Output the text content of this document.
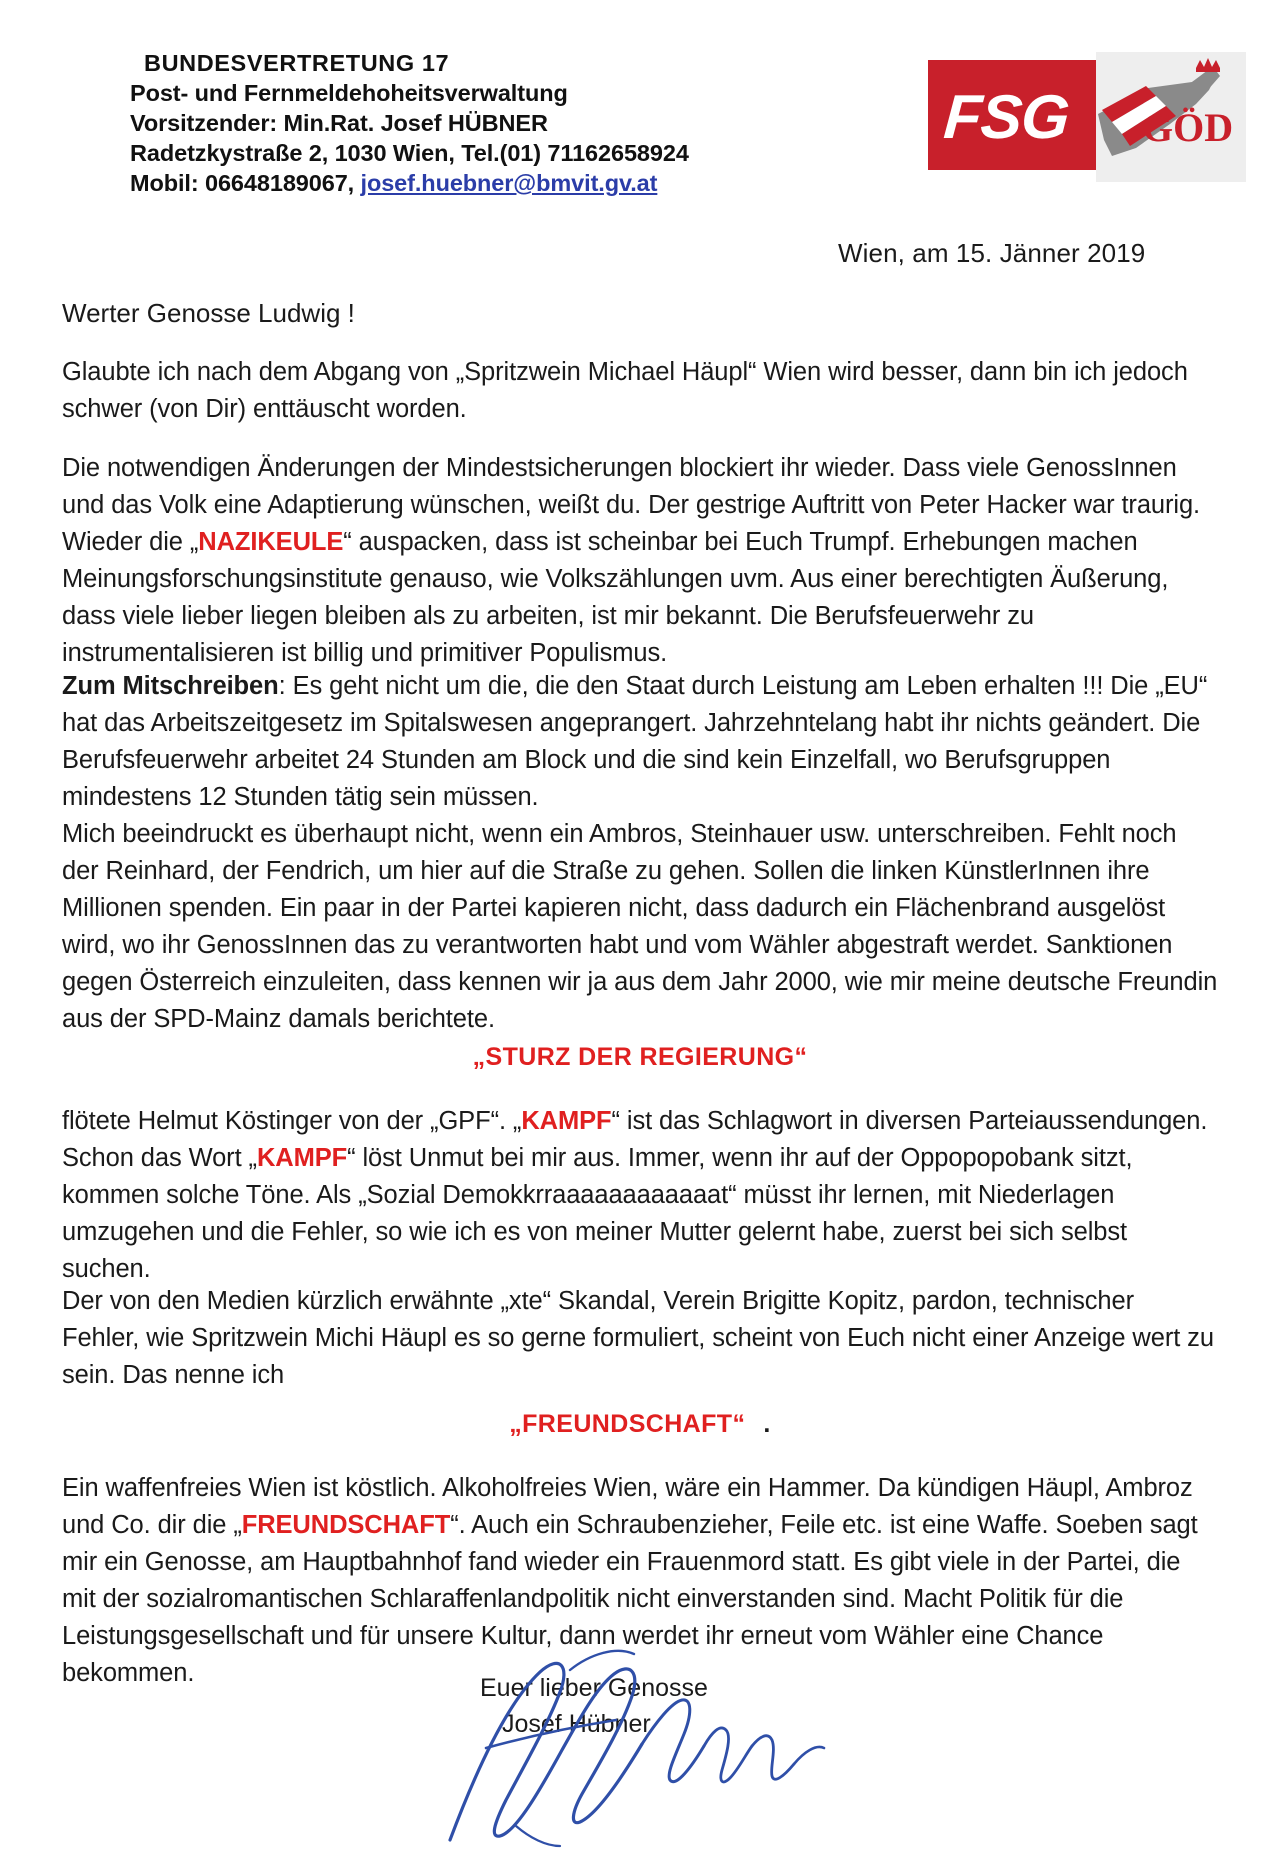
BUNDESVERTRETUNG 17
Post- und Fernmeldehoheitsverwaltung
Vorsitzender: Min.Rat. Josef HÜBNER
Radetzkystraße 2, 1030 Wien, Tel.(01) 71162658924
Mobil: 06648189067, josef.huebner@bmvit.gv.at
FSG GÖD
Wien, am 15. Jänner 2019
Werter Genosse Ludwig !
Glaubte ich nach dem Abgang von „Spritzwein Michael Häupl“ Wien wird besser, dann bin ich jedoch schwer (von Dir) enttäuscht worden.
Die notwendigen Änderungen der Mindestsicherungen blockiert ihr wieder. Dass viele GenossInnen und das Volk eine Adaptierung wünschen, weißt du. Der gestrige Auftritt von Peter Hacker war traurig. Wieder die „NAZIKEULE“ auspacken, dass ist scheinbar bei Euch Trumpf. Erhebungen machen Meinungsforschungsinstitute genauso, wie Volkszählungen uvm. Aus einer berechtigten Äußerung, dass viele lieber liegen bleiben als zu arbeiten, ist mir bekannt. Die Berufsfeuerwehr zu instrumentalisieren ist billig und primitiver Populismus.
Zum Mitschreiben: Es geht nicht um die, die den Staat durch Leistung am Leben erhalten !!! Die „EU“ hat das Arbeitszeitgesetz im Spitalswesen angeprangert. Jahrzehntelang habt ihr nichts geändert. Die Berufsfeuerwehr arbeitet 24 Stunden am Block und die sind kein Einzelfall, wo Berufsgruppen mindestens 12 Stunden tätig sein müssen.
Mich beeindruckt es überhaupt nicht, wenn ein Ambros, Steinhauer usw. unterschreiben. Fehlt noch der Reinhard, der Fendrich, um hier auf die Straße zu gehen. Sollen die linken KünstlerInnen ihre Millionen spenden. Ein paar in der Partei kapieren nicht, dass dadurch ein Flächenbrand ausgelöst wird, wo ihr GenossInnen das zu verantworten habt und vom Wähler abgestraft werdet. Sanktionen gegen Österreich einzuleiten, dass kennen wir ja aus dem Jahr 2000, wie mir meine deutsche Freundin aus der SPD-Mainz damals berichtete.
„STURZ DER REGIERUNG“
flötete Helmut Köstinger von der „GPF“. „KAMPF“ ist das Schlagwort in diversen Parteiaussendungen. Schon das Wort „KAMPF“ löst Unmut bei mir aus. Immer, wenn ihr auf der Oppopopobank sitzt, kommen solche Töne. Als „Sozial Demokkrraaaaaaaaaaaat“ müsst ihr lernen, mit Niederlagen umzugehen und die Fehler, so wie ich es von meiner Mutter gelernt habe, zuerst bei sich selbst suchen.
Der von den Medien kürzlich erwähnte „xte“ Skandal, Verein Brigitte Kopitz, pardon, technischer Fehler, wie Spritzwein Michi Häupl es so gerne formuliert, scheint von Euch nicht einer Anzeige wert zu sein. Das nenne ich
„FREUNDSCHAFT“ .
Ein waffenfreies Wien ist köstlich. Alkoholfreies Wien, wäre ein Hammer. Da kündigen Häupl, Ambroz und Co. dir die „FREUNDSCHAFT“. Auch ein Schraubenzieher, Feile etc. ist eine Waffe. Soeben sagt mir ein Genosse, am Hauptbahnhof fand wieder ein Frauenmord statt. Es gibt viele in der Partei, die mit der sozialromantischen Schlaraffenlandpolitik nicht einverstanden sind. Macht Politik für die Leistungsgesellschaft und für unsere Kultur, dann werdet ihr erneut vom Wähler eine Chance bekommen.
Euer lieber Genosse
Josef Hübner
